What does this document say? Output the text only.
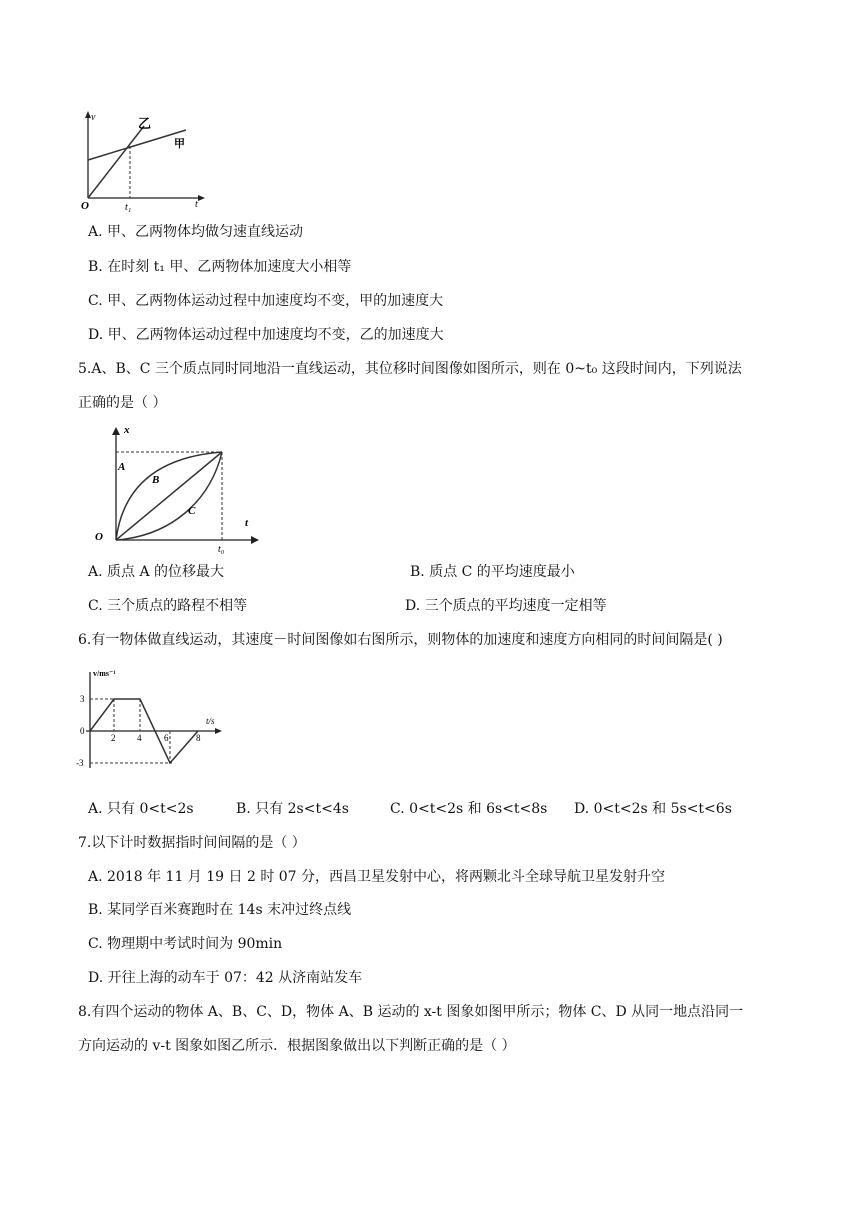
v	乙
甲
O	t₁	t
A. 甲、乙两物体均做匀速直线运动
B. 在时刻 t₁ 甲、乙两物体加速度大小相等
C. 甲、乙两物体运动过程中加速度均不变，甲的加速度大
D. 甲、乙两物体运动过程中加速度均不变，乙的加速度大
5.A、B、C 三个质点同时同地沿一直线运动，其位移时间图像如图所示，则在 0~t₀ 这段时间内，下列说法
正确的是（ ）
x
A
B
C
O
t
t₀
A. 质点 A 的位移最大	B. 质点 C 的平均速度最小
C. 三个质点的路程不相等	D. 三个质点的平均速度一定相等
6.有一物体做直线运动，其速度－时间图像如右图所示，则物体的加速度和速度方向相同的时间间隔是( )
v/ms⁻¹
t/s
3
0
-3
2 4	6	8
A. 只有 0<t<2s	B. 只有 2s<t<4s	C. 0<t<2s 和 6s<t<8s D. 0<t<2s 和 5s<t<6s
7.以下计时数据指时间间隔的是（ ）
A. 2018 年 11 月 19 日 2 时 07 分，西昌卫星发射中心，将两颗北斗全球导航卫星发射升空
B. 某同学百米赛跑时在 14s 末冲过终点线
C. 物理期中考试时间为 90min
D. 开往上海的动车于 07：42 从济南站发车
8.有四个运动的物体 A、B、C、D，物体 A、B 运动的 x-t 图象如图甲所示；物体 C、D 从同一地点沿同一
方向运动的 v-t 图象如图乙所示．根据图象做出以下判断正确的是（ ）
